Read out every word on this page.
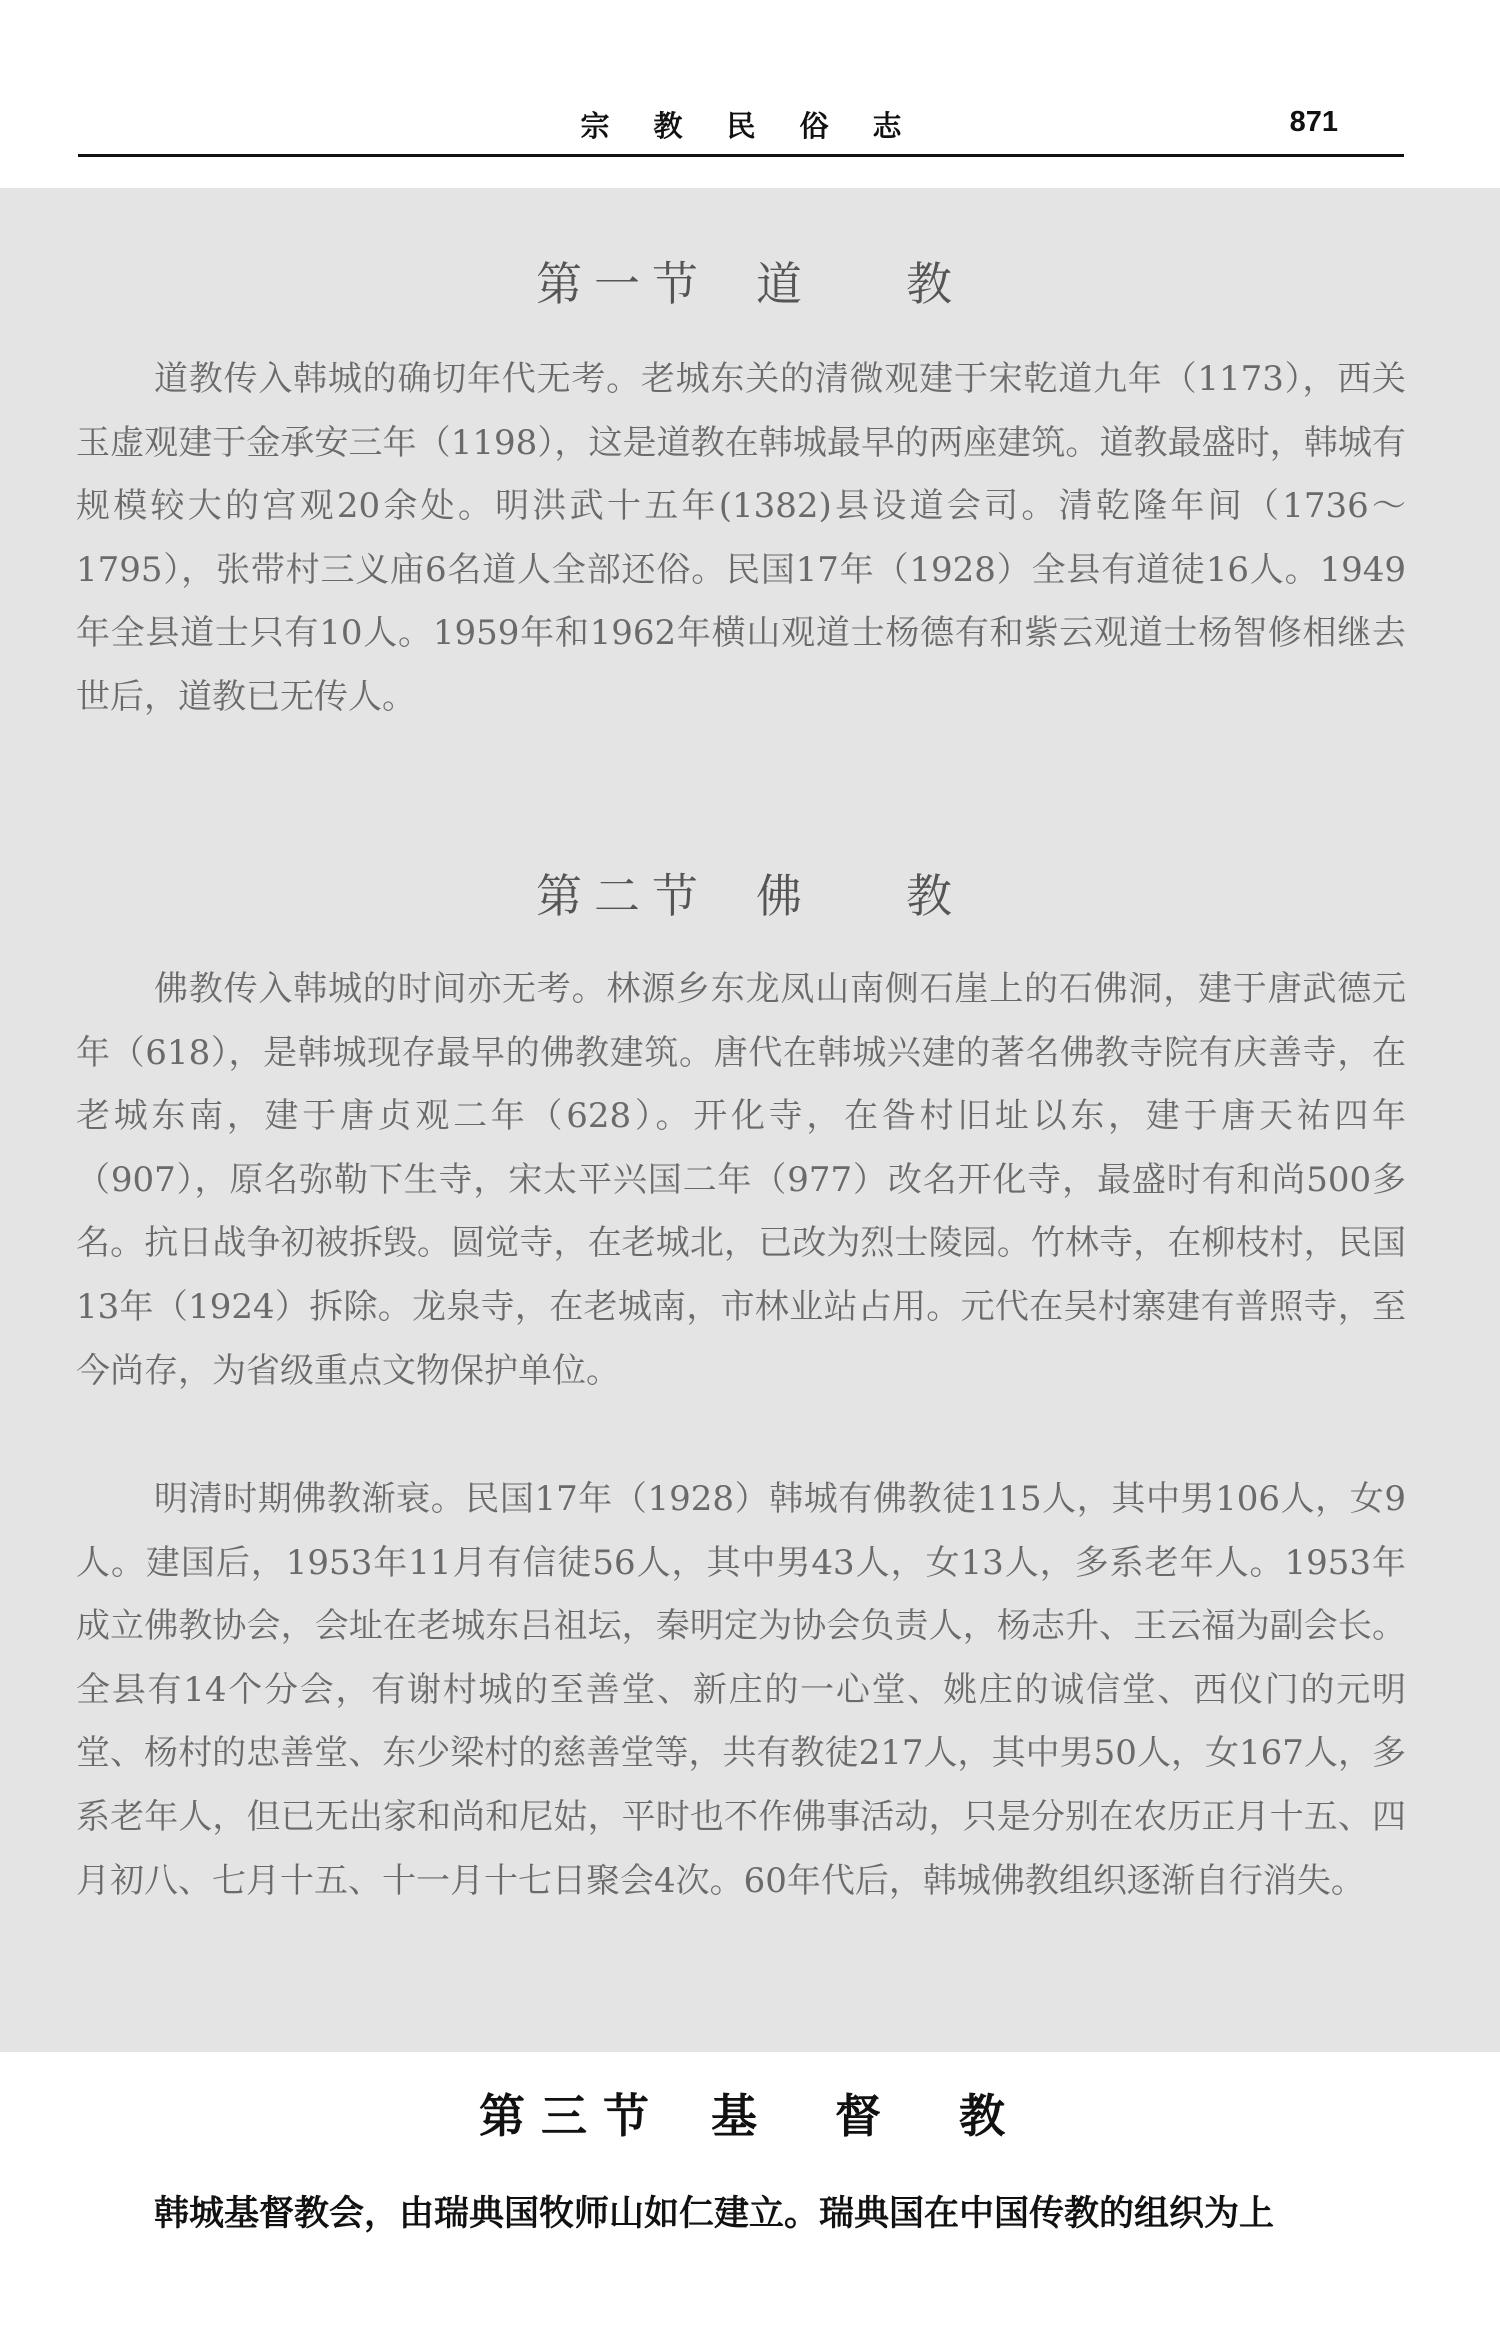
宗教民俗志	871
第一节 道 教

道教传入韩城的确切年代无考。老城东关的清微观建于宋乾道九年（1173），西关玉虚观建于金承安三年（1198），这是道教在韩城最早的两座建筑。道教最盛时，韩城有规模较大的宫观20余处。明洪武十五年(1382)县设道会司。清乾隆年间（1736～1795），张带村三义庙6名道人全部还俗。民国17年（1928）全县有道徒16人。1949年全县道士只有10人。1959年和1962年横山观道士杨德有和紫云观道士杨智修相继去世后，道教已无传人。

第二节 佛 教

佛教传入韩城的时间亦无考。林源乡东龙凤山南侧石崖上的石佛洞，建于唐武德元年（618），是韩城现存最早的佛教建筑。唐代在韩城兴建的著名佛教寺院有庆善寺，在老城东南，建于唐贞观二年（628）。开化寺，在昝村旧址以东，建于唐天祐四年（907），原名弥勒下生寺，宋太平兴国二年（977）改名开化寺，最盛时有和尚500多名。抗日战争初被拆毁。圆觉寺，在老城北，已改为烈士陵园。竹林寺，在柳枝村，民国13年（1924）拆除。龙泉寺，在老城南，市林业站占用。元代在吴村寨建有普照寺，至今尚存，为省级重点文物保护单位。

明清时期佛教渐衰。民国17年（1928）韩城有佛教徒115人，其中男106人，女9人。建国后，1953年11月有信徒56人，其中男43人，女13人，多系老年人。1953年成立佛教协会，会址在老城东吕祖坛，秦明定为协会负责人，杨志升、王云福为副会长。全县有14个分会，有谢村城的至善堂、新庄的一心堂、姚庄的诚信堂、西仪门的元明堂、杨村的忠善堂、东少梁村的慈善堂等，共有教徒217人，其中男50人，女167人，多系老年人，但已无出家和尚和尼姑，平时也不作佛事活动，只是分别在农历正月十五、四月初八、七月十五、十一月十七日聚会4次。60年代后，韩城佛教组织逐渐自行消失。

第三节 基　 督　 教

韩城基督教会，由瑞典国牧师山如仁建立。瑞典国在中国传教的组织为上
